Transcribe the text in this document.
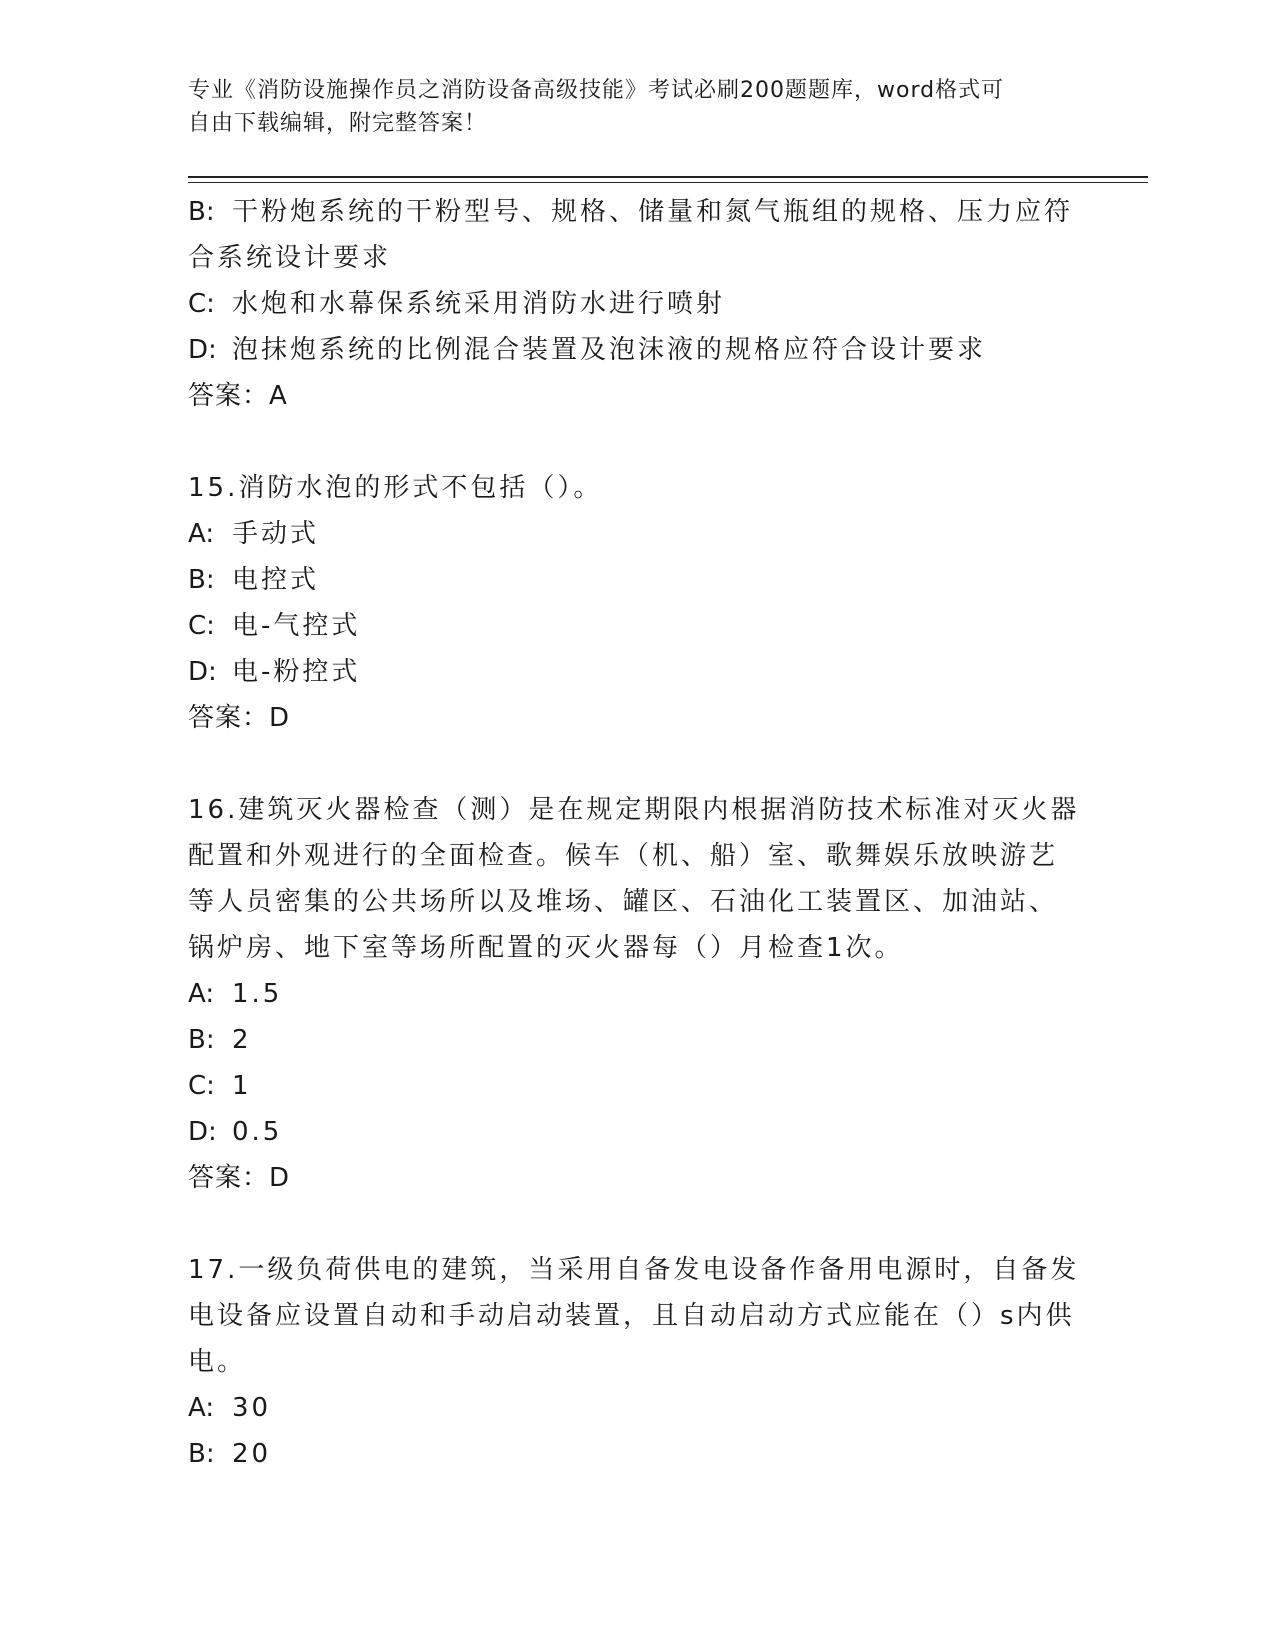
专业《消防设施操作员之消防设备高级技能》考试必刷200题题库，word格式可
自由下载编辑，附完整答案！
B: 干粉炮系统的干粉型号、规格、储量和氮气瓶组的规格、压力应符
合系统设计要求
C: 水炮和水幕保系统采用消防水进行喷射
D: 泡抹炮系统的比例混合装置及泡沫液的规格应符合设计要求
答案：A
15.消防水泡的形式不包括（）。
A: 手动式
B: 电控式
C: 电-气控式
D: 电-粉控式
答案：D
16.建筑灭火器检查（测）是在规定期限内根据消防技术标准对灭火器
配置和外观进行的全面检查。候车（机、船）室、歌舞娱乐放映游艺
等人员密集的公共场所以及堆场、罐区、石油化工装置区、加油站、
锅炉房、地下室等场所配置的灭火器每（）月检查1次。
A: 1.5
B: 2
C: 1
D: 0.5
答案：D
17.一级负荷供电的建筑，当采用自备发电设备作备用电源时，自备发
电设备应设置自动和手动启动装置，且自动启动方式应能在（）s内供
电。
A: 30
B: 20
